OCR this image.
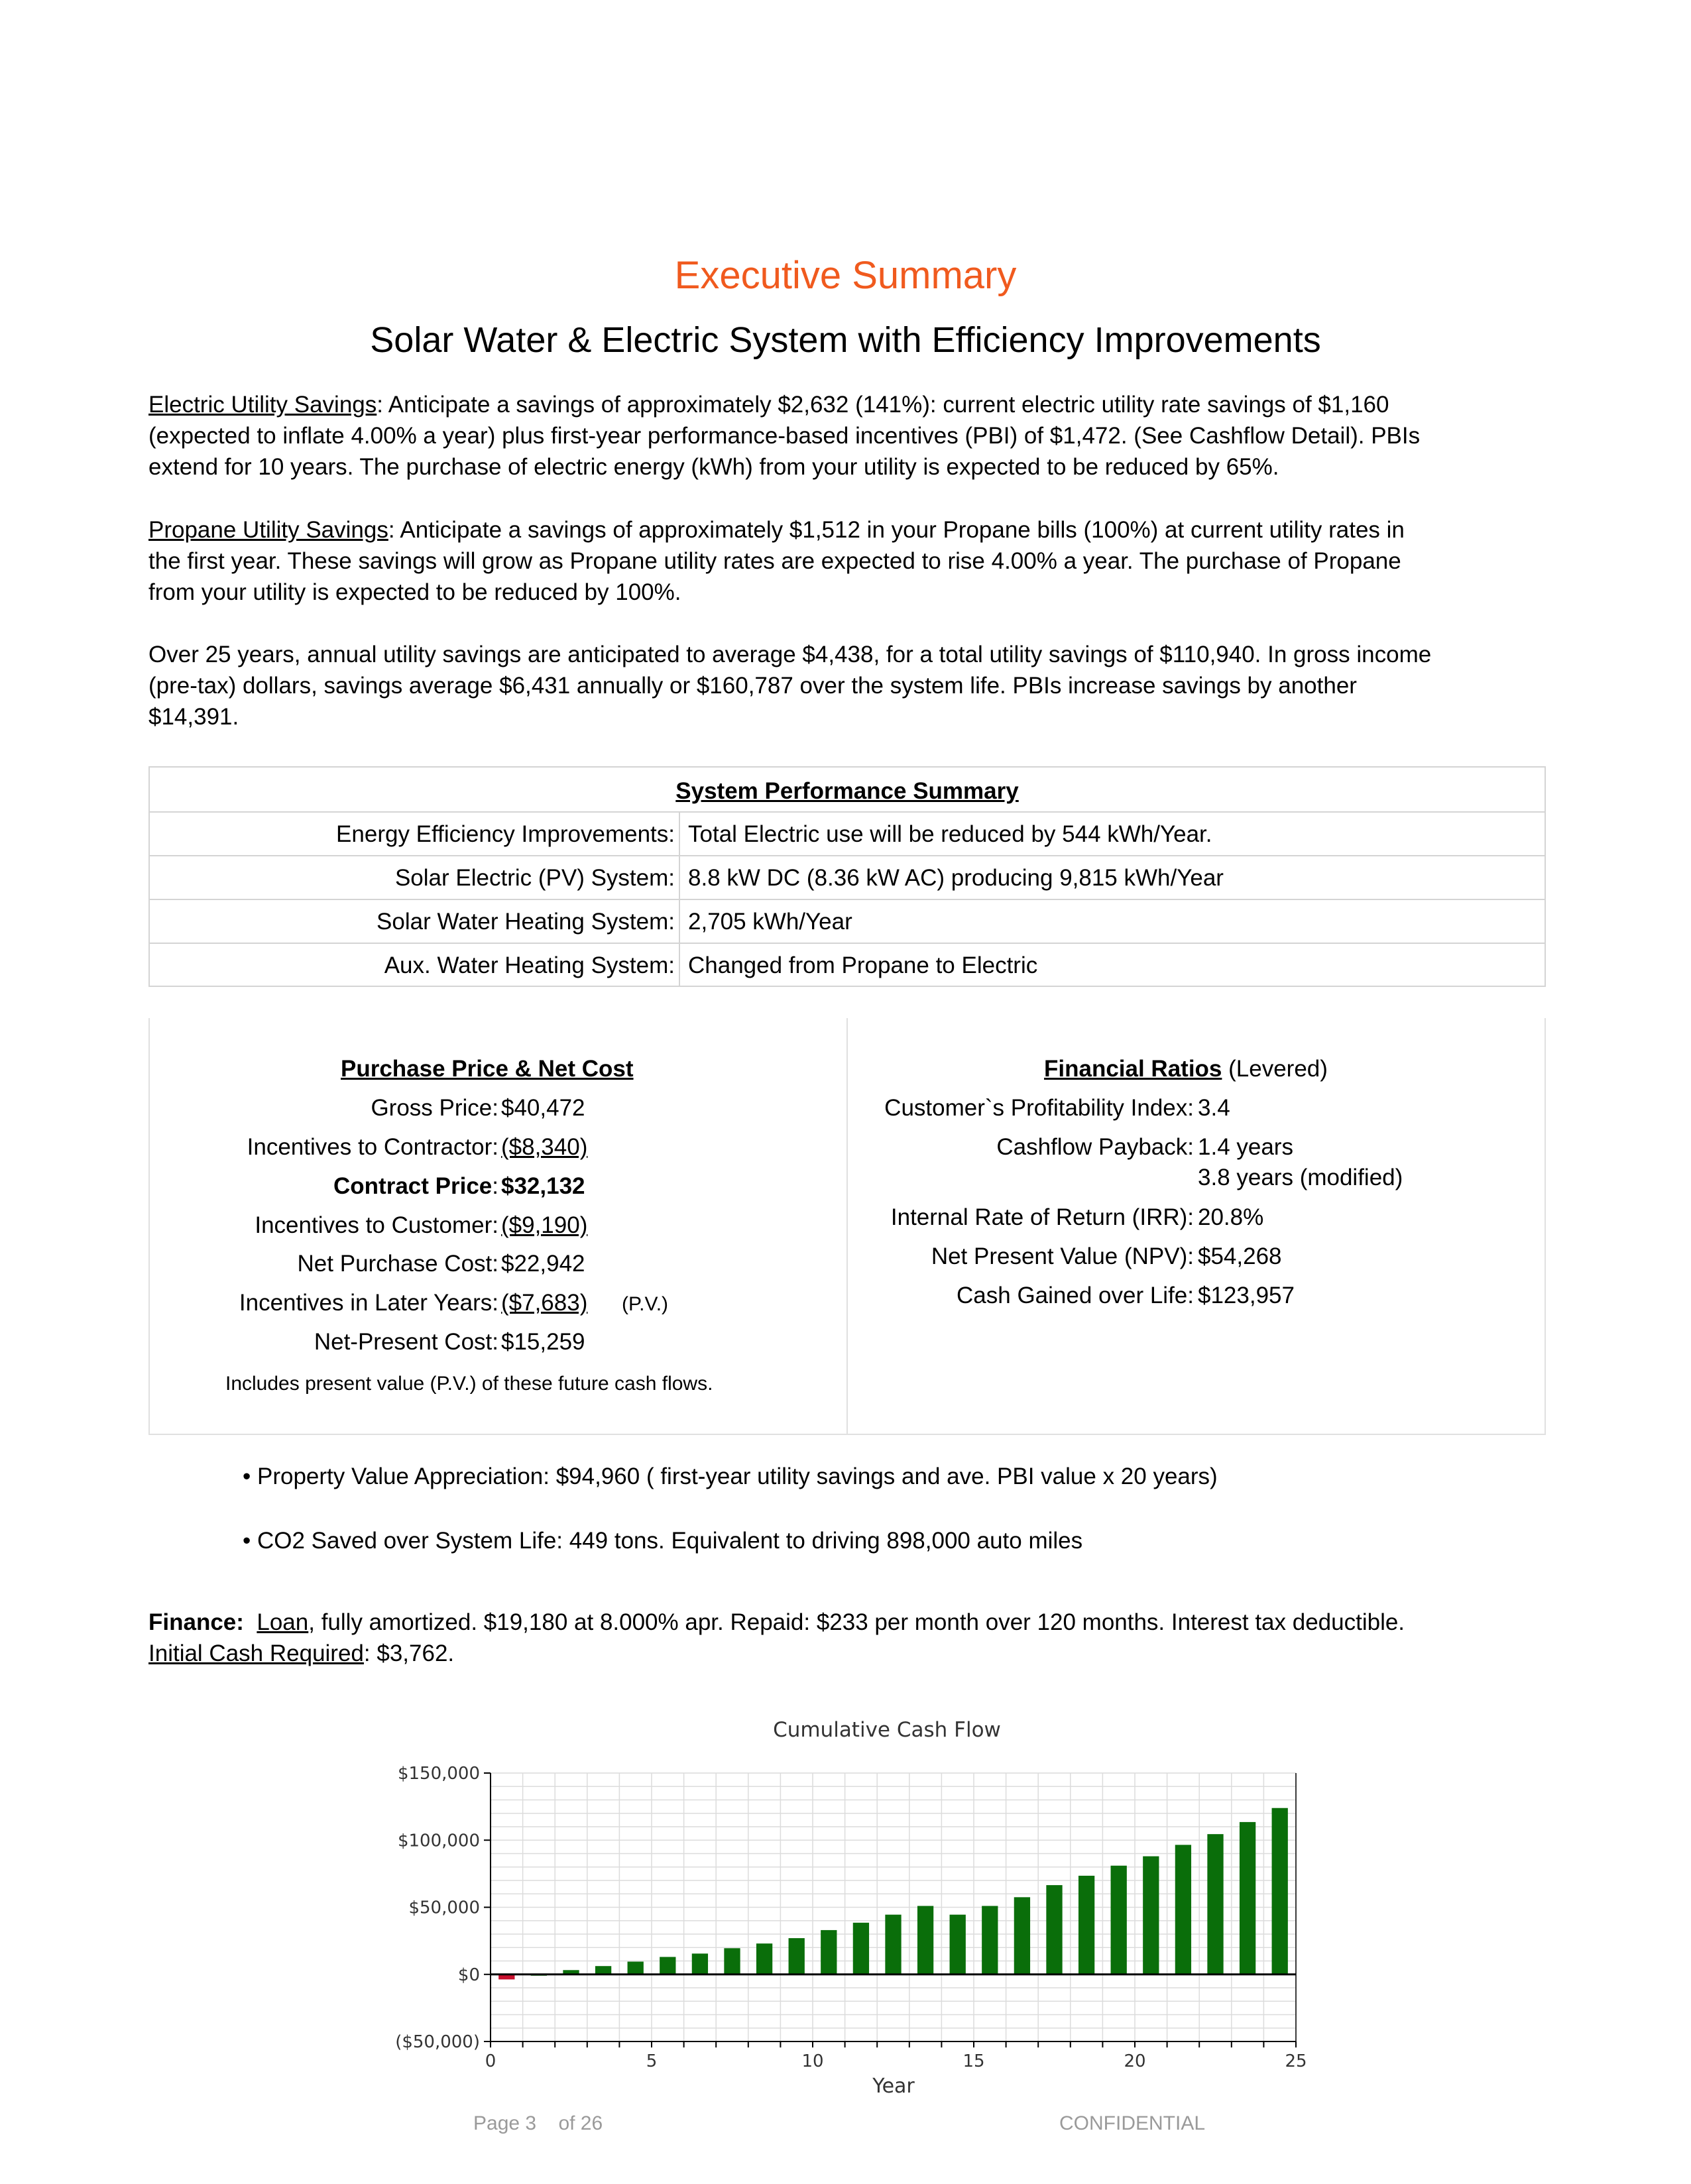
Executive Summary
Solar Water & Electric System with Efficiency Improvements
Electric Utility Savings: Anticipate a savings of approximately $2,632 (141%): current electric utility rate savings of $1,160
(expected to inflate 4.00% a year) plus first-year performance-based incentives (PBI) of $1,472. (See Cashflow Detail). PBIs
extend for 10 years. The purchase of electric energy (kWh) from your utility is expected to be reduced by 65%.
Propane Utility Savings: Anticipate a savings of approximately $1,512 in your Propane bills (100%) at current utility rates in
the first year. These savings will grow as Propane utility rates are expected to rise 4.00% a year. The purchase of Propane
from your utility is expected to be reduced by 100%.
Over 25 years, annual utility savings are anticipated to average $4,438, for a total utility savings of $110,940. In gross income
(pre-tax) dollars, savings average $6,431 annually or $160,787 over the system life. PBIs increase savings by another
$14,391.
System Performance Summary
Energy Efficiency Improvements: Total Electric use will be reduced by 544 kWh/Year.
Solar Electric (PV) System: 8.8 kW DC (8.36 kW AC) producing 9,815 kWh/Year
Solar Water Heating System: 2,705 kWh/Year
Aux. Water Heating System: Changed from Propane to Electric
Purchase Price & Net Cost
Gross Price: $40,472
Incentives to Contractor: ($8,340)
Contract Price: $32,132
Incentives to Customer: ($9,190)
Net Purchase Cost: $22,942
Incentives in Later Years: ($7,683) (P.V.)
Net-Present Cost: $15,259
Includes present value (P.V.) of these future cash flows.
Financial Ratios (Levered)
Customer`s Profitability Index: 3.4
Cashflow Payback: 1.4 years
3.8 years (modified)
Internal Rate of Return (IRR): 20.8%
Net Present Value (NPV): $54,268
Cash Gained over Life: $123,957
• Property Value Appreciation: $94,960 ( first-year utility savings and ave. PBI value x 20 years)
• CO2 Saved over System Life: 449 tons. Equivalent to driving 898,000 auto miles
Finance: Loan, fully amortized. $19,180 at 8.000% apr. Repaid: $233 per month over 120 months. Interest tax deductible.
Initial Cash Required: $3,762.
Cumulative Cash Flow
$150,000
$100,000
$50,000
$0
($50,000)
0	5	10	15	20	25
Year
Page 3 of 26	CONFIDENTIAL
